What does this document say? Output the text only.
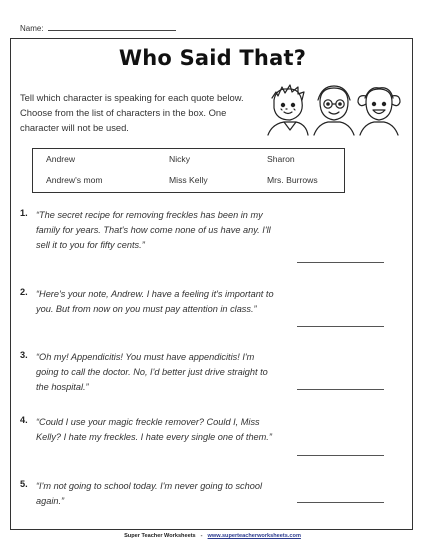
Name:
Who Said That?
Tell which character is speaking for each quote below. Choose from the list of characters in the box. One character will not be used.
Andrew	Nicky	Sharon
Andrew's mom	Miss Kelly	Mrs. Burrows
1. “The secret recipe for removing freckles has been in my family for years. That's how come none of us have any. I'll sell it to you for fifty cents.”
2. “Here's your note, Andrew. I have a feeling it's important to you. But from now on you must pay attention in class.”
3. “Oh my! Appendicitis! You must have appendicitis! I'm going to call the doctor. No, I'd better just drive straight to the hospital.”
4. “Could I use your magic freckle remover? Could I, Miss Kelly? I hate my freckles. I hate every single one of them.”
5. “I'm not going to school today. I'm never going to school again.”
Super Teacher Worksheets - www.superteacherworksheets.com
